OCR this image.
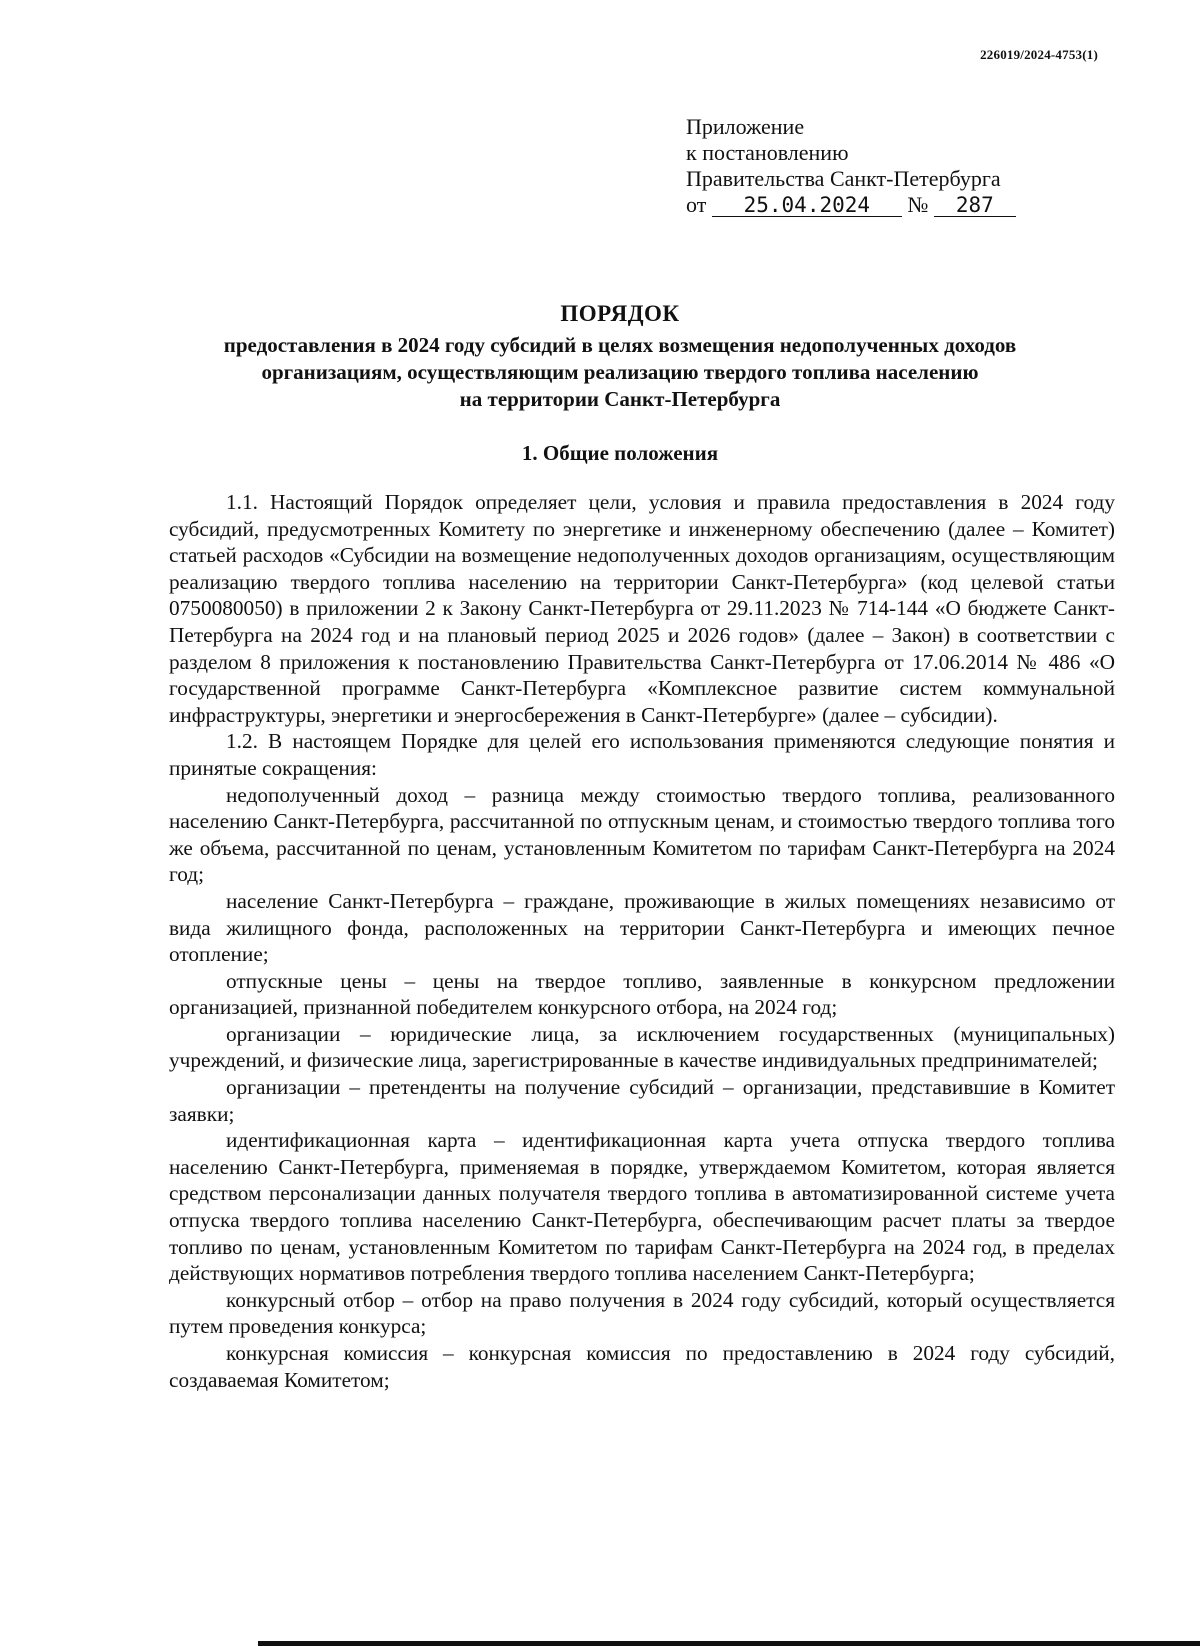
226019/2024-4753(1)
Приложение
к постановлению
Правительства Санкт-Петербурга
от 25.04.2024 № 287
ПОРЯДОК
предоставления в 2024 году субсидий в целях возмещения недополученных доходов
организациям, осуществляющим реализацию твердого топлива населению
на территории Санкт-Петербурга
1. Общие положения

1.1. Настоящий Порядок определяет цели, условия и правила предоставления в 2024 году субсидий, предусмотренных Комитету по энергетике и инженерному обеспечению (далее – Комитет) статьей расходов «Субсидии на возмещение недополученных доходов организациям, осуществляющим реализацию твердого топлива населению на территории Санкт-Петербурга» (код целевой статьи 0750080050) в приложении 2 к Закону Санкт-Петербурга от 29.11.2023 № 714-144 «О бюджете Санкт-Петербурга на 2024 год и на плановый период 2025 и 2026 годов» (далее – Закон) в соответствии с разделом 8 приложения к постановлению Правительства Санкт-Петербурга от 17.06.2014 № 486 «О государственной программе Санкт-Петербурга «Комплексное развитие систем коммунальной инфраструктуры, энергетики и энергосбережения в Санкт-Петербурге» (далее – субсидии).

1.2. В настоящем Порядке для целей его использования применяются следующие понятия и принятые сокращения:

недополученный доход – разница между стоимостью твердого топлива, реализованного населению Санкт-Петербурга, рассчитанной по отпускным ценам, и стоимостью твердого топлива того же объема, рассчитанной по ценам, установленным Комитетом по тарифам Санкт-Петербурга на 2024 год;

население Санкт-Петербурга – граждане, проживающие в жилых помещениях независимо от вида жилищного фонда, расположенных на территории Санкт-Петербурга и имеющих печное отопление;

отпускные цены – цены на твердое топливо, заявленные в конкурсном предложении организацией, признанной победителем конкурсного отбора, на 2024 год;

организации – юридические лица, за исключением государственных (муниципальных) учреждений, и физические лица, зарегистрированные в качестве индивидуальных предпринимателей;

организации – претенденты на получение субсидий – организации, представившие в Комитет заявки;

идентификационная карта – идентификационная карта учета отпуска твердого топлива населению Санкт-Петербурга, применяемая в порядке, утверждаемом Комитетом, которая является средством персонализации данных получателя твердого топлива в автоматизированной системе учета отпуска твердого топлива населению Санкт-Петербурга, обеспечивающим расчет платы за твердое топливо по ценам, установленным Комитетом по тарифам Санкт-Петербурга на 2024 год, в пределах действующих нормативов потребления твердого топлива населением Санкт-Петербурга;

конкурсный отбор – отбор на право получения в 2024 году субсидий, который осуществляется путем проведения конкурса;

конкурсная комиссия – конкурсная комиссия по предоставлению в 2024 году субсидий, создаваемая Комитетом;
